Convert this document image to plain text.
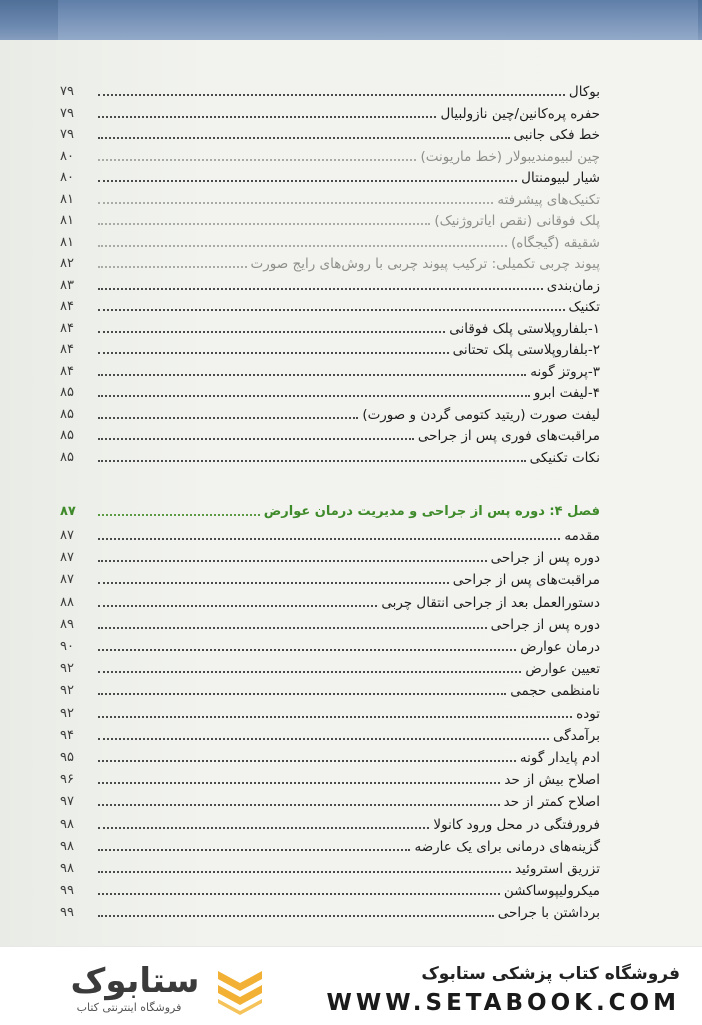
بوکال
۷۹
حفره پره‌کانین/چین نازولبیال
۷۹
خط فکی جانبی
۷۹
چین لبیومندیبولار (خط ماریونت)
۸۰
شیار لبیومنتال
۸۰
تکنیک‌های پیشرفته
۸۱
پلک فوقانی (نقص ایاتروژنیک)
۸۱
شقیقه (گیجگاه)
۸۱
پیوند چربی تکمیلی: ترکیب پیوند چربی با روش‌های رایج صورت
۸۲
زمان‌بندی
۸۳
تکنیک
۸۴
۱-بلفاروپلاستی پلک فوقانی
۸۴
۲-بلفاروپلاستی پلک تحتانی
۸۴
۳-پروتز گونه
۸۴
۴-لیفت ابرو
۸۵
لیفت صورت (ریتید کتومی گردن و صورت)
۸۵
مراقبت‌های فوری پس از جراحی
۸۵
نکات تکنیکی
۸۵
فصل ۴: دوره پس از جراحی و مدیریت درمان عوارض
۸۷
مقدمه
۸۷
دوره پس از جراحی
۸۷
مراقبت‌های پس از جراحی
۸۷
دستورالعمل بعد از جراحی انتقال چربی
۸۸
دوره پس از جراحی
۸۹
درمان عوارض
۹۰
تعیین عوارض
۹۲
نامنظمی حجمی
۹۲
توده
۹۲
برآمدگی
۹۴
ادم پایدار گونه
۹۵
اصلاح بیش از حد
۹۶
اصلاح کمتر از حد
۹۷
فرورفتگی در محل ورود کانولا
۹۸
گزینه‌های درمانی برای یک عارضه
۹۸
تزریق استروئید
۹۸
میکرولیپوساکشن
۹۹
برداشتن با جراحی
۹۹
ستابوک
فروشگاه اینترنتی کتاب
فروشگاه کتاب پزشکی ستابوک
WWW.SETABOOK.COM
